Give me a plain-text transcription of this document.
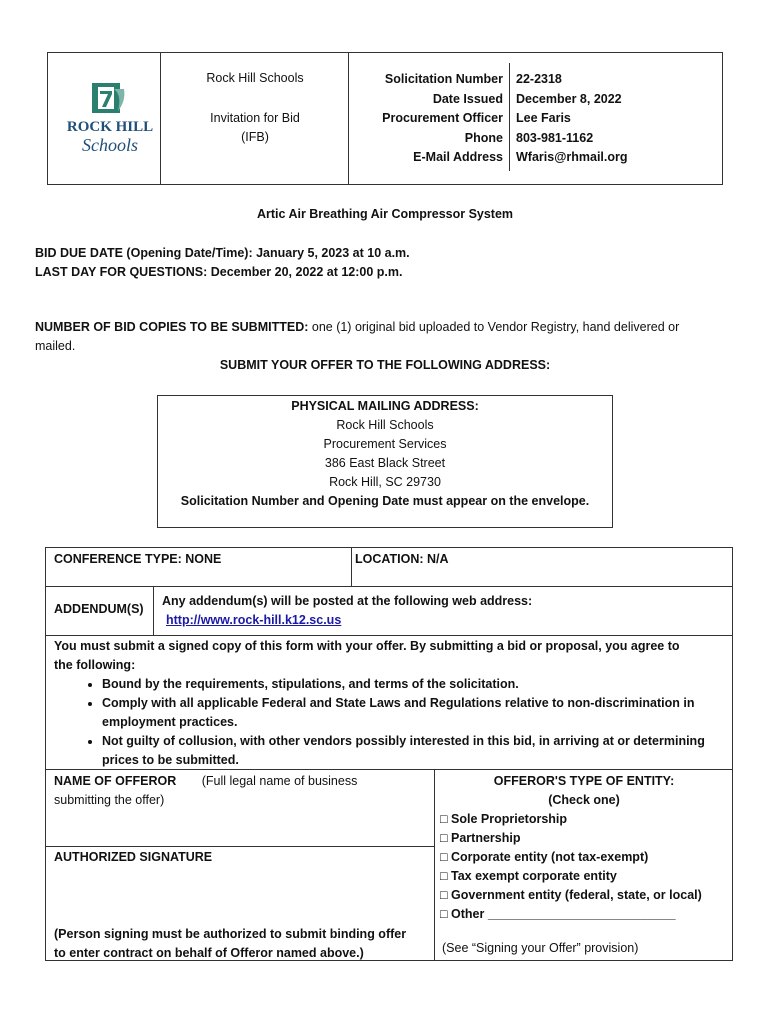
ROCK HILL
Schools
Rock Hill Schools
Invitation for Bid
(IFB)
Solicitation Number
Date Issued
Procurement Officer
Phone
E-Mail Address
22-2318
December 8, 2022
Lee Faris
803-981-1162
Wfaris@rhmail.org
Artic Air Breathing Air Compressor System
BID DUE DATE (Opening Date/Time): January 5, 2023 at 10 a.m.
LAST DAY FOR QUESTIONS: December 20, 2022 at 12:00 p.m.
NUMBER OF BID COPIES TO BE SUBMITTED: one (1) original bid uploaded to Vendor Registry, hand delivered or
mailed.
SUBMIT YOUR OFFER TO THE FOLLOWING ADDRESS:
PHYSICAL MAILING ADDRESS:
Rock Hill Schools
Procurement Services
386 East Black Street
Rock Hill, SC 29730
Solicitation Number and Opening Date must appear on the envelope.
CONFERENCE TYPE: NONE	LOCATION: N/A
ADDENDUM(S)
Any addendum(s) will be posted at the following web address:
http://www.rock-hill.k12.sc.us
You must submit a signed copy of this form with your offer. By submitting a bid or proposal, you agree to
the following:
• Bound by the requirements, stipulations, and terms of the solicitation.
• Comply with all applicable Federal and State Laws and Regulations relative to non-discrimination in employment practices.
• Not guilty of collusion, with other vendors possibly interested in this bid, in arriving at or determining prices to be submitted.
NAME OF OFFEROR (Full legal name of business
submitting the offer)
AUTHORIZED SIGNATURE
(Person signing must be authorized to submit binding offer
to enter contract on behalf of Offeror named above.)
OFFEROR'S TYPE OF ENTITY:
(Check one)
□ Sole Proprietorship
□ Partnership
□ Corporate entity (not tax-exempt)
□ Tax exempt corporate entity
□ Government entity (federal, state, or local)
□ Other ___________________________
(See “Signing your Offer” provision)
